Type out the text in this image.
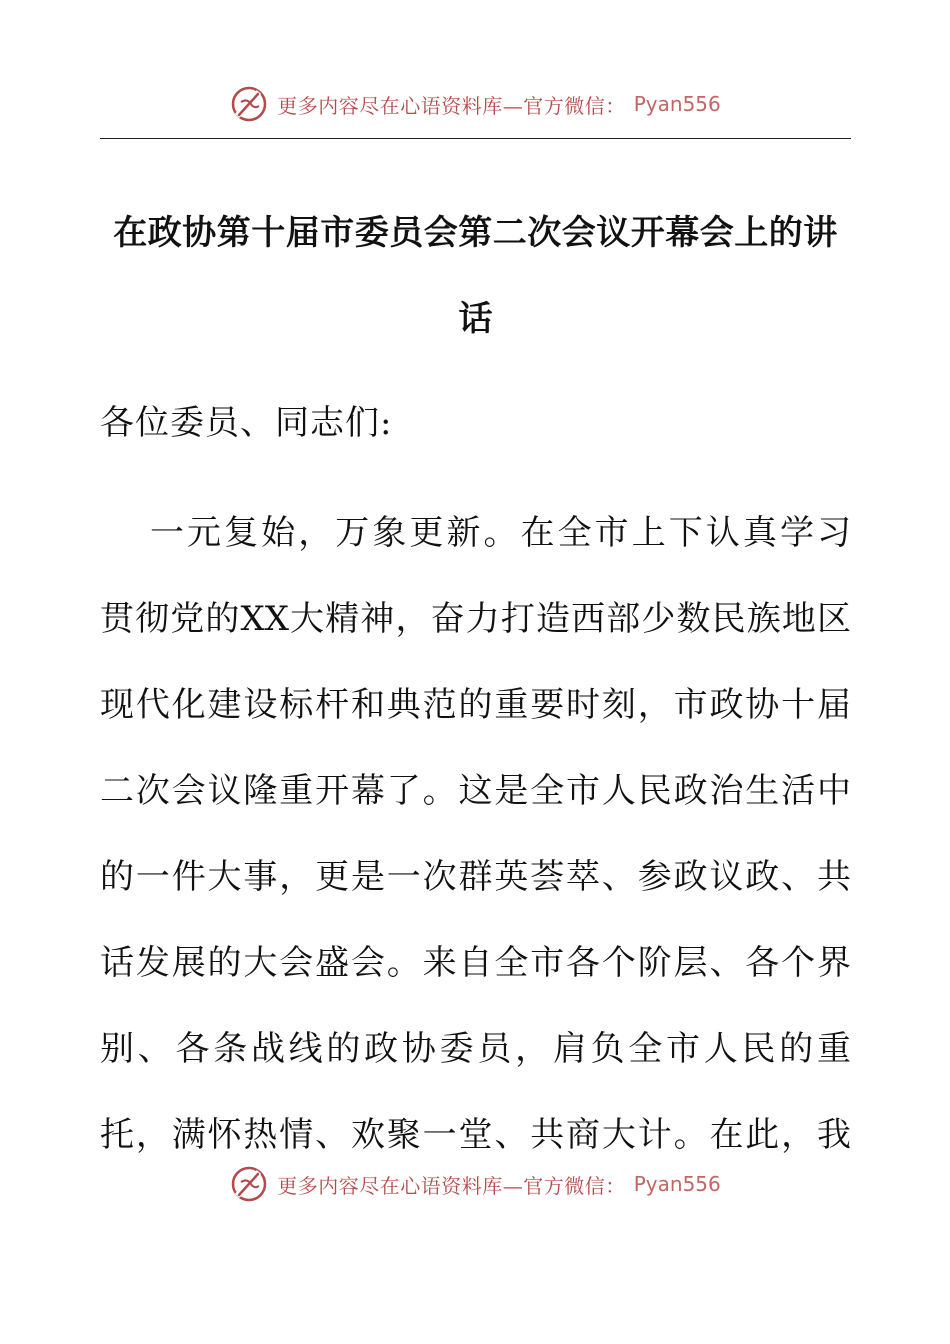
更多内容尽在心语资料库—官方微信： Pyan556
在政协第十届市委员会第二次会议开幕会上的讲
话

各位委员、同志们:

一元复始，万象更新。在全市上下认真学习
贯彻党的XX大精神，奋力打造西部少数民族地区
现代化建设标杆和典范的重要时刻，市政协十届
二次会议隆重开幕了。这是全市人民政治生活中
的一件大事，更是一次群英荟萃、参政议政、共
话发展的大会盛会。来自全市各个阶层、各个界
别、各条战线的政协委员，肩负全市人民的重
托，满怀热情、欢聚一堂、共商大计。在此，我
更多内容尽在心语资料库—官方微信： Pyan556
